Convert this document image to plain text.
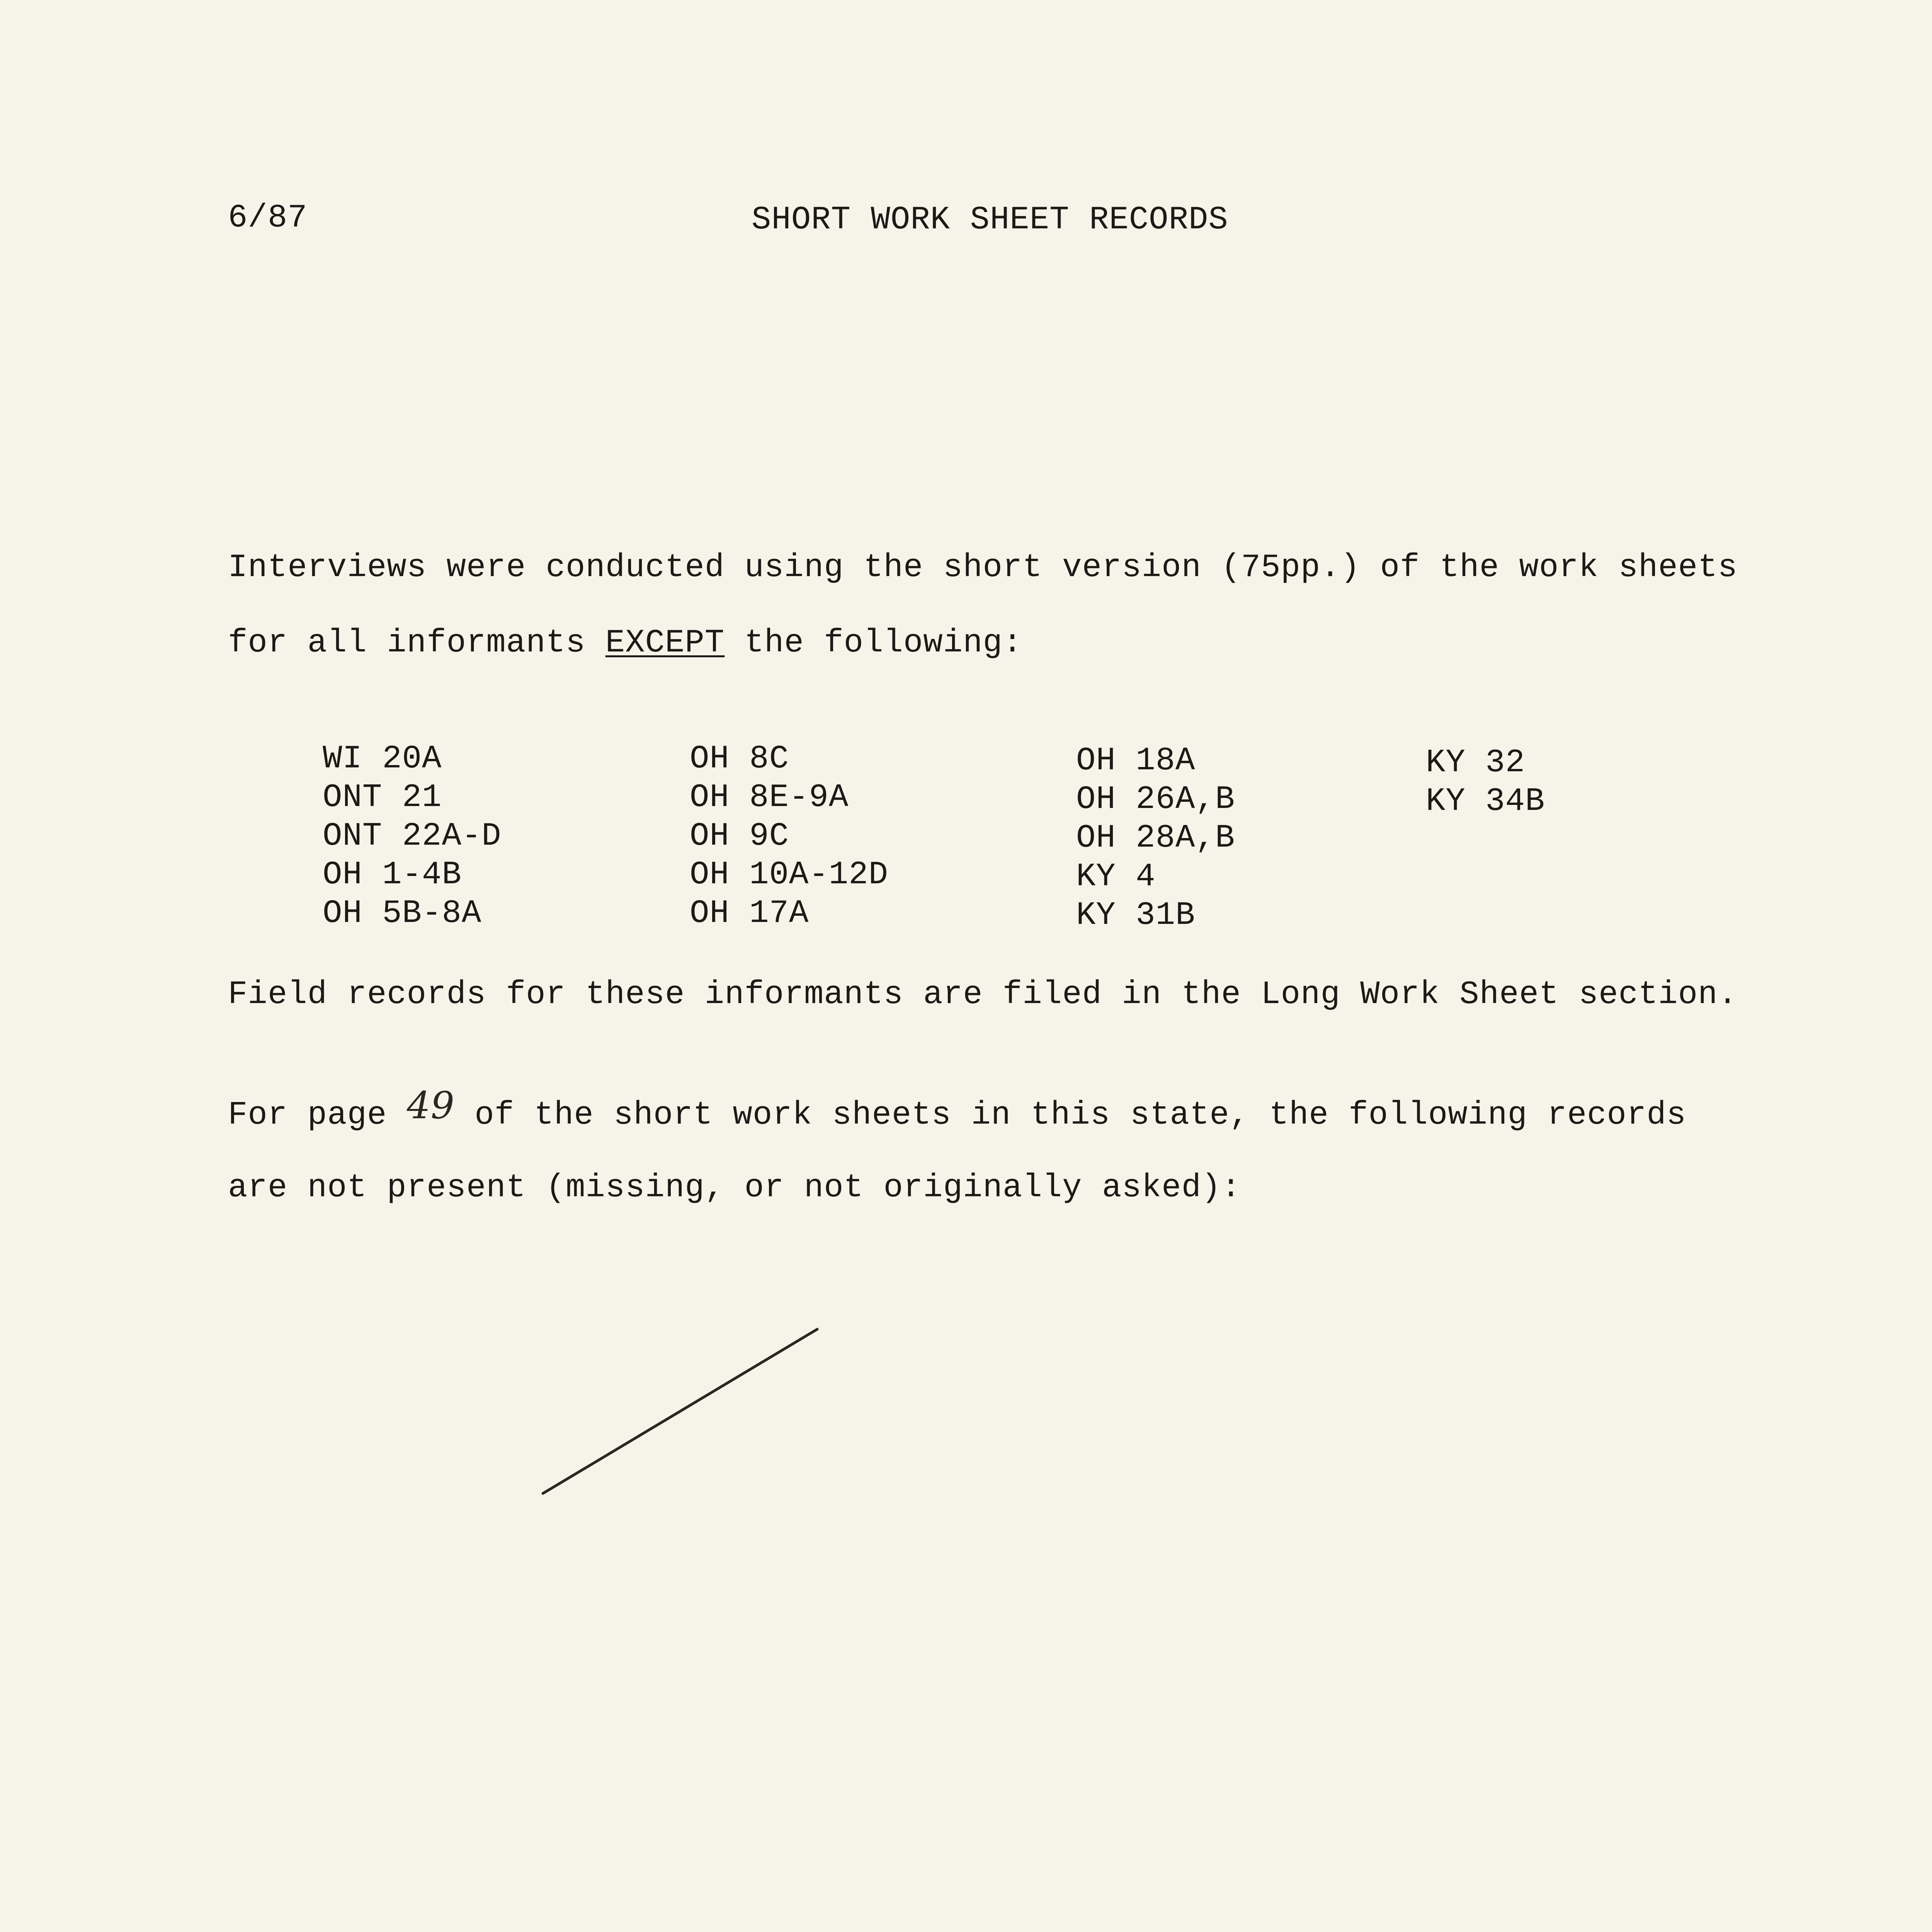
6/87	SHORT WORK SHEET RECORDS
Interviews were conducted using the short version (75pp.) of the work sheets
for all informants EXCEPT the following:
WI 20A
ONT 21
ONT 22A-D
OH 1-4B
OH 5B-8A
OH 8C
OH 8E-9A
OH 9C
OH 10A-12D
OH 17A
OH 18A
OH 26A,B
OH 28A,B
KY 4
KY 31B
KY 32
KY 34B
Field records for these informants are filed in the Long Work Sheet section.
For page 49 of the short work sheets in this state, the following records
are not present (missing, or not originally asked):
